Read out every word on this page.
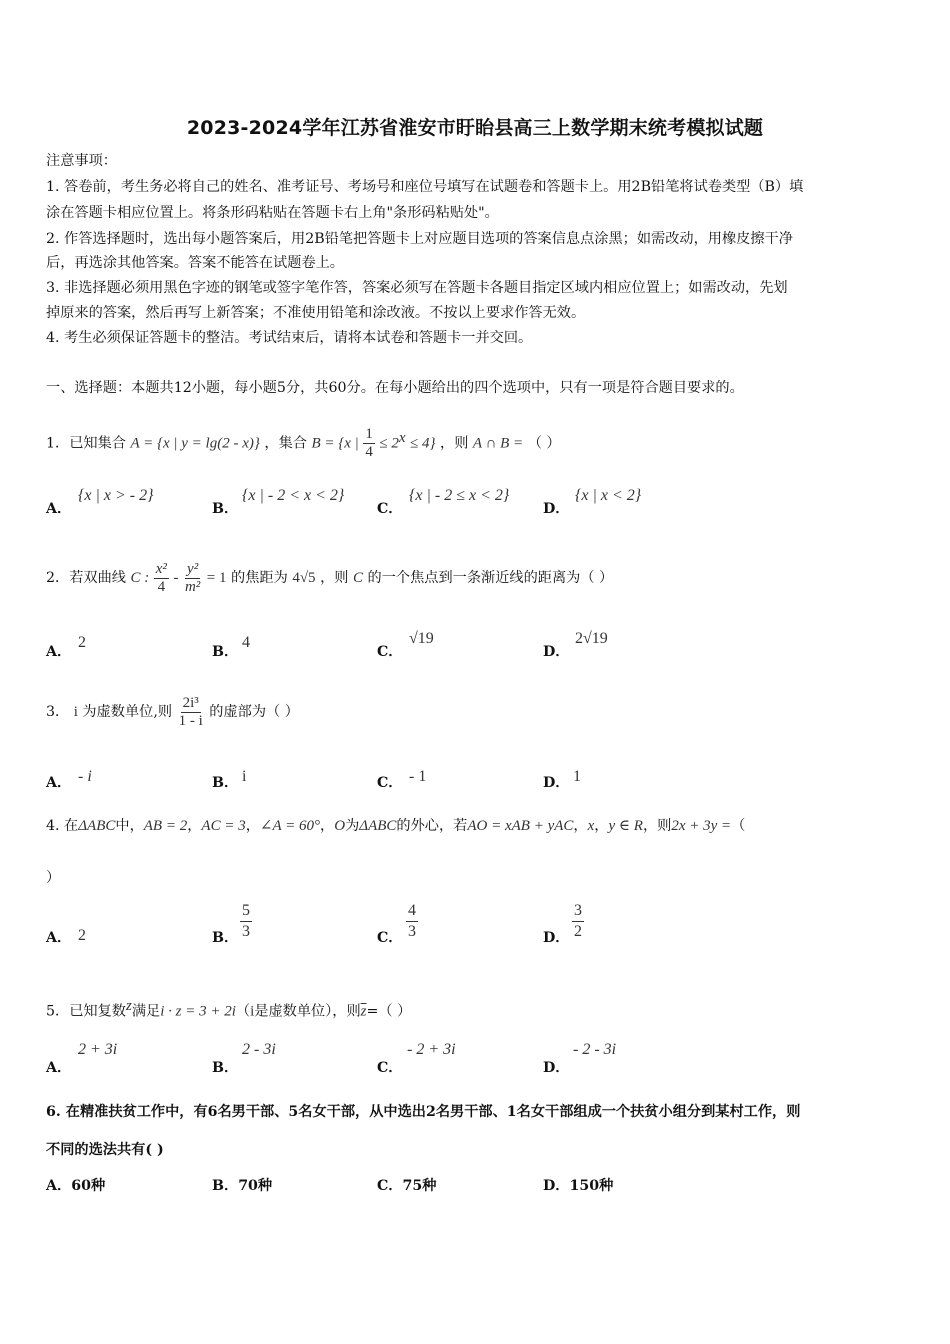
2023-2024学年江苏省淮安市盱眙县高三上数学期末统考模拟试题
注意事项：
1. 答卷前，考生务必将自己的姓名、准考证号、考场号和座位号填写在试题卷和答题卡上。用2B铅笔将试卷类型（B）填
涂在答题卡相应位置上。将条形码粘贴在答题卡右上角"条形码粘贴处"。
2. 作答选择题时，选出每小题答案后，用2B铅笔把答题卡上对应题目选项的答案信息点涂黑；如需改动，用橡皮擦干净
后，再选涂其他答案。答案不能答在试题卷上。
3. 非选择题必须用黑色字迹的钢笔或签字笔作答，答案必须写在答题卡各题目指定区域内相应位置上；如需改动，先划
掉原来的答案，然后再写上新答案；不准使用铅笔和涂改液。不按以上要求作答无效。
4. 考生必须保证答题卡的整洁。考试结束后，请将本试卷和答题卡一并交回。
一、选择题：本题共12小题，每小题5分，共60分。在每小题给出的四个选项中，只有一项是符合题目要求的。
1．已知集合 A = {x | y = lg(2 - x)} ，集合 B = {x | $\frac{1}{4} \le 2^x \le 4$} ，则 A ∩ B = （ ）
A．
{x | x > - 2}
B．
{x | - 2 < x < 2}
C．
{x | - 2 ≤ x < 2}
D．
{x | x < 2}
2．若双曲线 C : $\frac{\text{x²}}{4} - \frac{\text{y²}}{\text{m²}} = 1$ 的焦距为 4√5 ，则 C 的一个焦点到一条渐近线的距离为（ ）
A．
2
B．
4
C．
√19
D．
2√19
3． i 为虚数单位,则 $\frac{\text{2i³}}{1 - i}$ 的虚部为（ ）
A． - i	B． i	C． - 1	D． 1
4. 在ΔABC中，AB = 2，AC = 3，∠A = 60°，O为ΔABC的外心，若AO = xAB + yAC，x，y ∈ R，则2x + 3y =（
）
A． 2	B． $\frac{5}{3}$	C． $\frac{4}{3}$	D． $\frac{3}{2}$
5．已知复数$^z$满足i · z = 3 + 2i（i是虚数单位），则$\overline{z}=$（ ）
A．
2 + 3i
B．
2 - 3i
C．
- 2 + 3i
D．
- 2 - 3i
6. 在精准扶贫工作中，有6名男干部、5名女干部，从中选出2名男干部、1名女干部组成一个扶贫小组分到某村工作，则
不同的选法共有( )
A．60种	B．70种	C．75种	D．150种
